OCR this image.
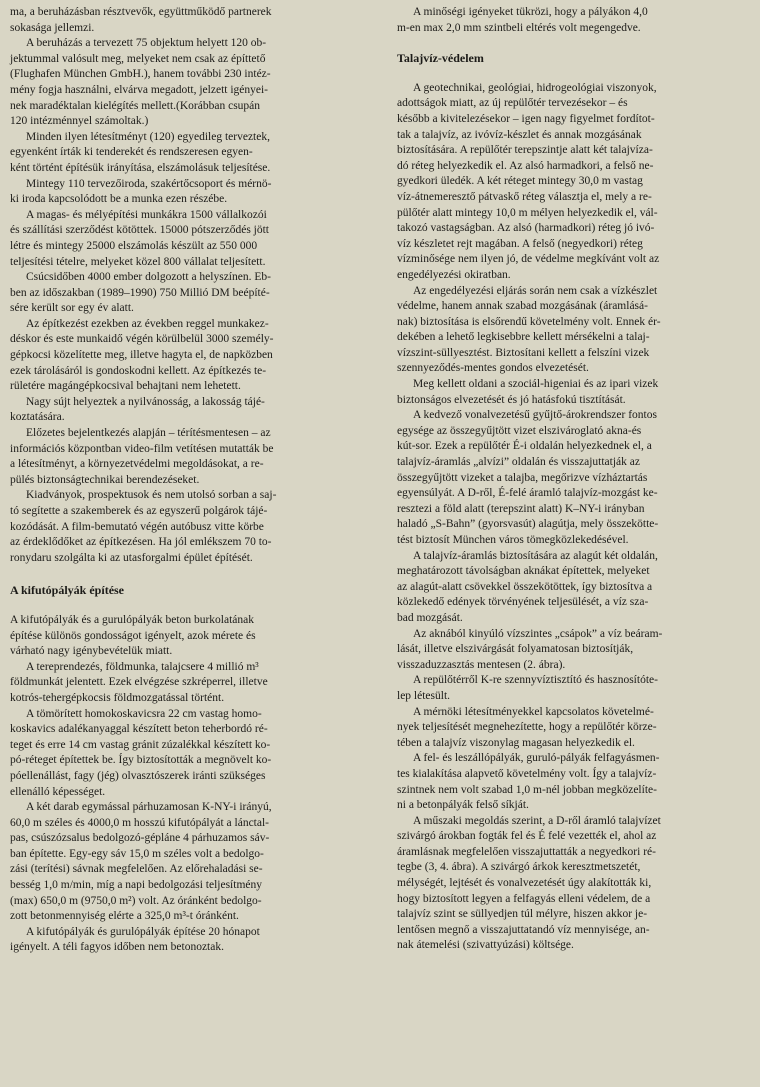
ma, a beruházásban résztvevők, együttműködő partnerek
sokasága jellemzi.

A beruházás a tervezett 75 objektum helyett 120 ob-
jektummal valósult meg, melyeket nem csak az építtető
(Flughafen München GmbH.), hanem további 230 intéz-
mény fogja használni, elvárva megadott, jelzett igényei-
nek maradéktalan kielégítés mellett.(Korábban csupán
120 intézménnyel számoltak.)

Minden ilyen létesítményt (120) egyedileg terveztek,
egyenként írták ki tenderekét és rendszeresen egyen-
ként történt építésük irányítása, elszámolásuk teljesítése.

Mintegy 110 tervezőiroda, szakértőcsoport és mérnö-
ki iroda kapcsolódott be a munka ezen részébe.

A magas- és mélyépítési munkákra 1500 vállalkozói
és szállítási szerződést kötöttek. 15000 pótszerződés jött
létre és mintegy 25000 elszámolás készült az 550 000
teljesítési tételre, melyeket közel 800 vállalat teljesített.

Csúcsidőben 4000 ember dolgozott a helyszínen. Eb-
ben az időszakban (1989–1990) 750 Millió DM beépíté-
sére került sor egy év alatt.

Az építkezést ezekben az években reggel munkakez-
déskor és este munkaidő végén körülbelül 3000 személy-
gépkocsi közelítette meg, illetve hagyta el, de napközben
ezek tárolásáról is gondoskodni kellett. Az építkezés te-
rületére magángépkocsival behajtani nem lehetett.

Nagy sújt helyeztek a nyilvánosság, a lakosság tájé-
koztatására.

Előzetes bejelentkezés alapján – térítésmentesen – az
információs központban video-film vetítésen mutatták be
a létesítményt, a környezetvédelmi megoldásokat, a re-
pülés biztonságtechnikai berendezéseket.

Kiadványok, prospektusok és nem utolsó sorban a saj-
tó segítette a szakemberek és az egyszerű polgárok tájé-
kozódását. A film-bemutató végén autóbusz vitte körbe
az érdeklődőket az építkezésen. Ha jól emlékszem 70 to-
ronydaru szolgálta ki az utasforgalmi épület építését.

A kifutópályák építése

A kifutópályák és a gurulópályák beton burkolatának
építése különös gondosságot igényelt, azok mérete és
várható nagy igénybevételük miatt.

A tereprendezés, földmunka, talajcsere 4 millió m³
földmunkát jelentett. Ezek elvégzése szkréperrel, illetve
kotrós-tehergépkocsis földmozgatással történt.

A tömörített homokoskavicsra 22 cm vastag homo-
koskavics adalékanyaggal készített beton teherbordó ré-
teget és erre 14 cm vastag gránit zúzalékkal készített ko-
pó-réteget építettek be. Így biztosították a megnövelt ko-
póellenállást, fagy (jég) olvasztószerek iránti szükséges
ellenálló képességet.

A két darab egymással párhuzamosan K-NY-i irányú,
60,0 m széles és 4000,0 m hosszú kifutópályát a lánctal-
pas, csúszózsalus bedolgozó-gépláne 4 párhuzamos sáv-
ban építette. Egy-egy sáv 15,0 m széles volt a bedolgo-
zási (terítési) sávnak megfelelően. Az előrehaladási se-
besség 1,0 m/min, míg a napi bedolgozási teljesítmény
(max) 650,0 m (9750,0 m²) volt. Az óránként bedolgo-
zott betonmennyiség elérte a 325,0 m³-t óránként.

A kifutópályák és gurulópályák építése 20 hónapot
igényelt. A téli fagyos időben nem betonoztak.

A minőségi igényeket tükrözi, hogy a pályákon 4,0
m-en max 2,0 mm szintbeli eltérés volt megengedve.

Talajvíz-védelem

A geotechnikai, geológiai, hidrogeológiai viszonyok,
adottságok miatt, az új repülőtér tervezésekor – és
később a kivitelezésekor – igen nagy figyelmet fordítot-
tak a talajvíz, az ivóvíz-készlet és annak mozgásának
biztosítására. A repülőtér terepszintje alatt két talajvíza-
dó réteg helyezkedik el. Az alsó harmadkori, a felső ne-
gyedkori üledék. A két réteget mintegy 30,0 m vastag
víz-átnemeresztő pátvaskő réteg választja el, mely a re-
pülőtér alatt mintegy 10,0 m mélyen helyezkedik el, vál-
takozó vastagságban. Az alsó (harmadkori) réteg jó ivó-
víz készletet rejt magában. A felső (negyedkori) réteg
vízminősége nem ilyen jó, de védelme megkívánt volt az
engedélyezési okiratban.

Az engedélyezési eljárás során nem csak a vízkészlet
védelme, hanem annak szabad mozgásának (áramlásá-
nak) biztosítása is elsőrendű követelmény volt. Ennek ér-
dekében a lehető legkisebbre kellett mérsékelni a talaj-
vízszint-süllyesztést. Biztosítani kellett a felszíni vizek
szennyeződés-mentes gondos elvezetését.

Meg kellett oldani a szociál-higeniai és az ipari vizek
biztonságos elvezetését és jó hatásfokú tisztítását.

A kedvező vonalvezetésű gyűjtő-árokrendszer fontos
egysége az összegyűjtött vizet elszivároglató akna-és
kút-sor. Ezek a repülőtér É-i oldalán helyezkednek el, a
talajvíz-áramlás „alvízi” oldalán és visszajuttatják az
összegyűjtött vizeket a talajba, megőrizve vízháztartás
egyensúlyát. A D-ről, É-felé áramló talajvíz-mozgást ke-
resztezi a föld alatt (terepszint alatt) K–NY-i irányban
haladó „S-Bahn” (gyorsvasút) alagútja, mely összekötte-
tést biztosít München város tömegközlekedésével.

A talajvíz-áramlás biztosítására az alagút két oldalán,
meghatározott távolságban aknákat építettek, melyeket
az alagút-alatt csövekkel összekötöttek, így biztosítva a
közlekedő edények törvényének teljesülését, a víz sza-
bad mozgását.

Az aknából kinyúló vízszintes „csápok” a víz beáram-
lását, illetve elszivárgását folyamatosan biztosítják,
visszaduzzasztás mentesen (2. ábra).

A repülőtérről K-re szennyvíztisztító és hasznosítóte-
lep létesült.

A mérnöki létesítményekkel kapcsolatos követelmé-
nyek teljesítését megnehezítette, hogy a repülőtér körze-
tében a talajvíz viszonylag magasan helyezkedik el.

A fel- és leszállópályák, guruló-pályák felfagyásmen-
tes kialakítása alapvető követelmény volt. Így a talajvíz-
szintnek nem volt szabad 1,0 m-nél jobban megközelíte-
ni a betonpályák felső síkját.

A műszaki megoldás szerint, a D-ről áramló talajvízet
szivárgó árokban fogták fel és É felé vezették el, ahol az
áramlásnak megfelelően visszajuttatták a negyedkori ré-
tegbe (3, 4. ábra). A szivárgó árkok keresztmetszetét,
mélységét, lejtését és vonalvezetését úgy alakították ki,
hogy biztosított legyen a felfagyás elleni védelem, de a
talajvíz szint se süllyedjen túl mélyre, hiszen akkor je-
lentősen megnő a visszajuttatandó víz mennyisége, an-
nak átemelési (szivattyúzási) költsége.
